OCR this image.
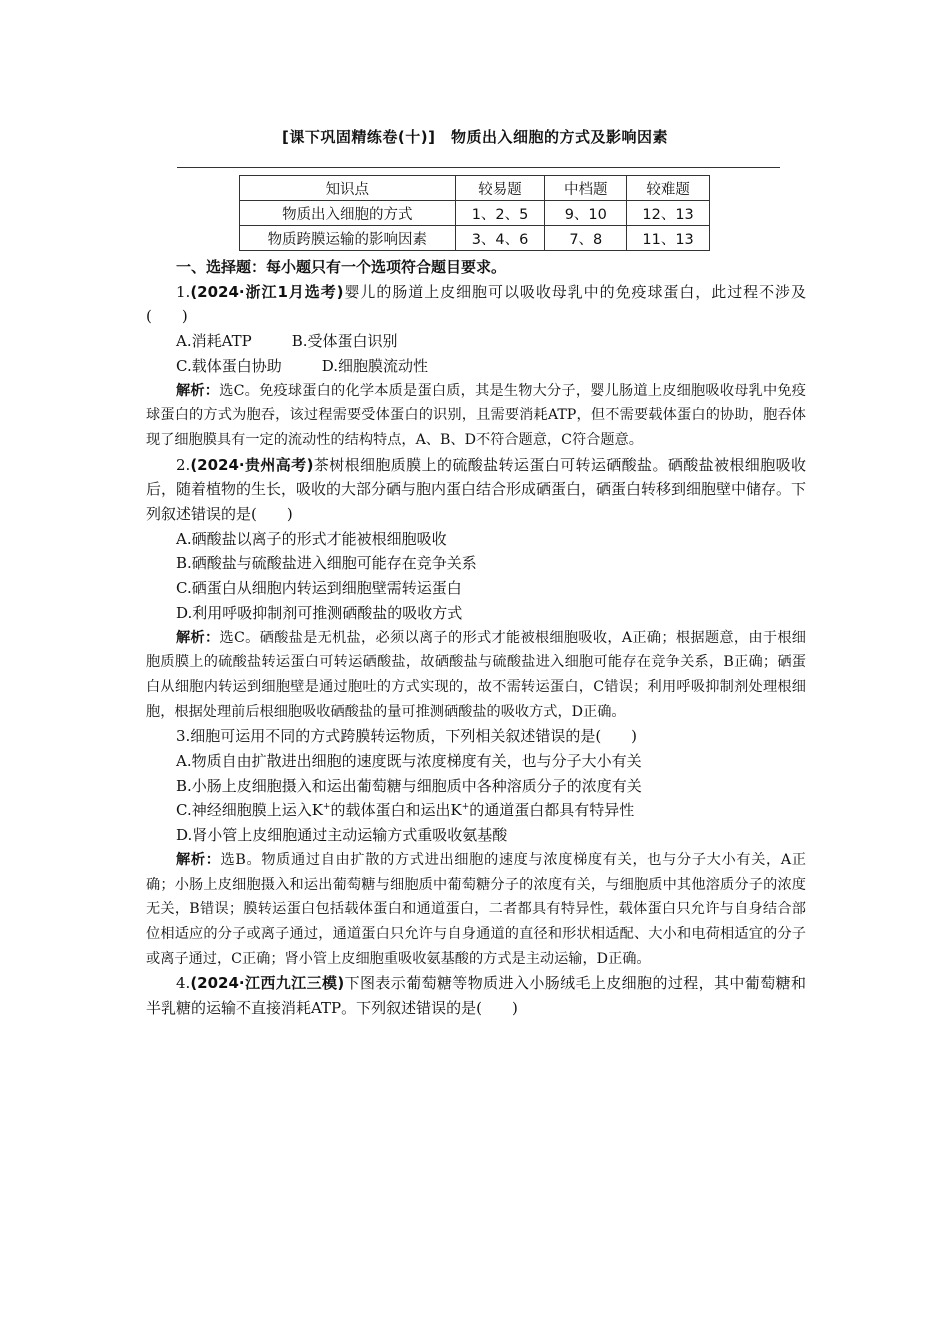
[课下巩固精练卷(十)]　物质出入细胞的方式及影响因素
知识点	较易题	中档题	较难题
物质出入细胞的方式	1、2、5	9、10	12、13
物质跨膜运输的影响因素	3、4、6	7、8	11、13

一、选择题：每小题只有一个选项符合题目要求。

1.(2024·浙江1月选考)婴儿的肠道上皮细胞可以吸收母乳中的免疫球蛋白，此过程不涉及(　　)

A.消耗ATP	B.受体蛋白识别

C.载体蛋白协助	D.细胞膜流动性

解析：选C。免疫球蛋白的化学本质是蛋白质，其是生物大分子，婴儿肠道上皮细胞吸收母乳中免疫球蛋白的方式为胞吞，该过程需要受体蛋白的识别，且需要消耗ATP，但不需要载体蛋白的协助，胞吞体现了细胞膜具有一定的流动性的结构特点，A、B、D不符合题意，C符合题意。

2.(2024·贵州高考)茶树根细胞质膜上的硫酸盐转运蛋白可转运硒酸盐。硒酸盐被根细胞吸收后，随着植物的生长，吸收的大部分硒与胞内蛋白结合形成硒蛋白，硒蛋白转移到细胞壁中储存。下列叙述错误的是(　　)

A.硒酸盐以离子的形式才能被根细胞吸收

B.硒酸盐与硫酸盐进入细胞可能存在竞争关系

C.硒蛋白从细胞内转运到细胞壁需转运蛋白

D.利用呼吸抑制剂可推测硒酸盐的吸收方式

解析：选C。硒酸盐是无机盐，必须以离子的形式才能被根细胞吸收，A正确；根据题意，由于根细胞质膜上的硫酸盐转运蛋白可转运硒酸盐，故硒酸盐与硫酸盐进入细胞可能存在竞争关系，B正确；硒蛋白从细胞内转运到细胞壁是通过胞吐的方式实现的，故不需转运蛋白，C错误；利用呼吸抑制剂处理根细胞，根据处理前后根细胞吸收硒酸盐的量可推测硒酸盐的吸收方式，D正确。

3.细胞可运用不同的方式跨膜转运物质，下列相关叙述错误的是(　　)

A.物质自由扩散进出细胞的速度既与浓度梯度有关，也与分子大小有关

B.小肠上皮细胞摄入和运出葡萄糖与细胞质中各种溶质分子的浓度有关

C.神经细胞膜上运入K+的载体蛋白和运出K+的通道蛋白都具有特异性

D.肾小管上皮细胞通过主动运输方式重吸收氨基酸

解析：选B。物质通过自由扩散的方式进出细胞的速度与浓度梯度有关，也与分子大小有关，A正确；小肠上皮细胞摄入和运出葡萄糖与细胞质中葡萄糖分子的浓度有关，与细胞质中其他溶质分子的浓度无关，B错误；膜转运蛋白包括载体蛋白和通道蛋白，二者都具有特异性，载体蛋白只允许与自身结合部位相适应的分子或离子通过，通道蛋白只允许与自身通道的直径和形状相适配、大小和电荷相适宜的分子或离子通过，C正确；肾小管上皮细胞重吸收氨基酸的方式是主动运输，D正确。

4.(2024·江西九江三模)下图表示葡萄糖等物质进入小肠绒毛上皮细胞的过程，其中葡萄糖和半乳糖的运输不直接消耗ATP。下列叙述错误的是(　　)
